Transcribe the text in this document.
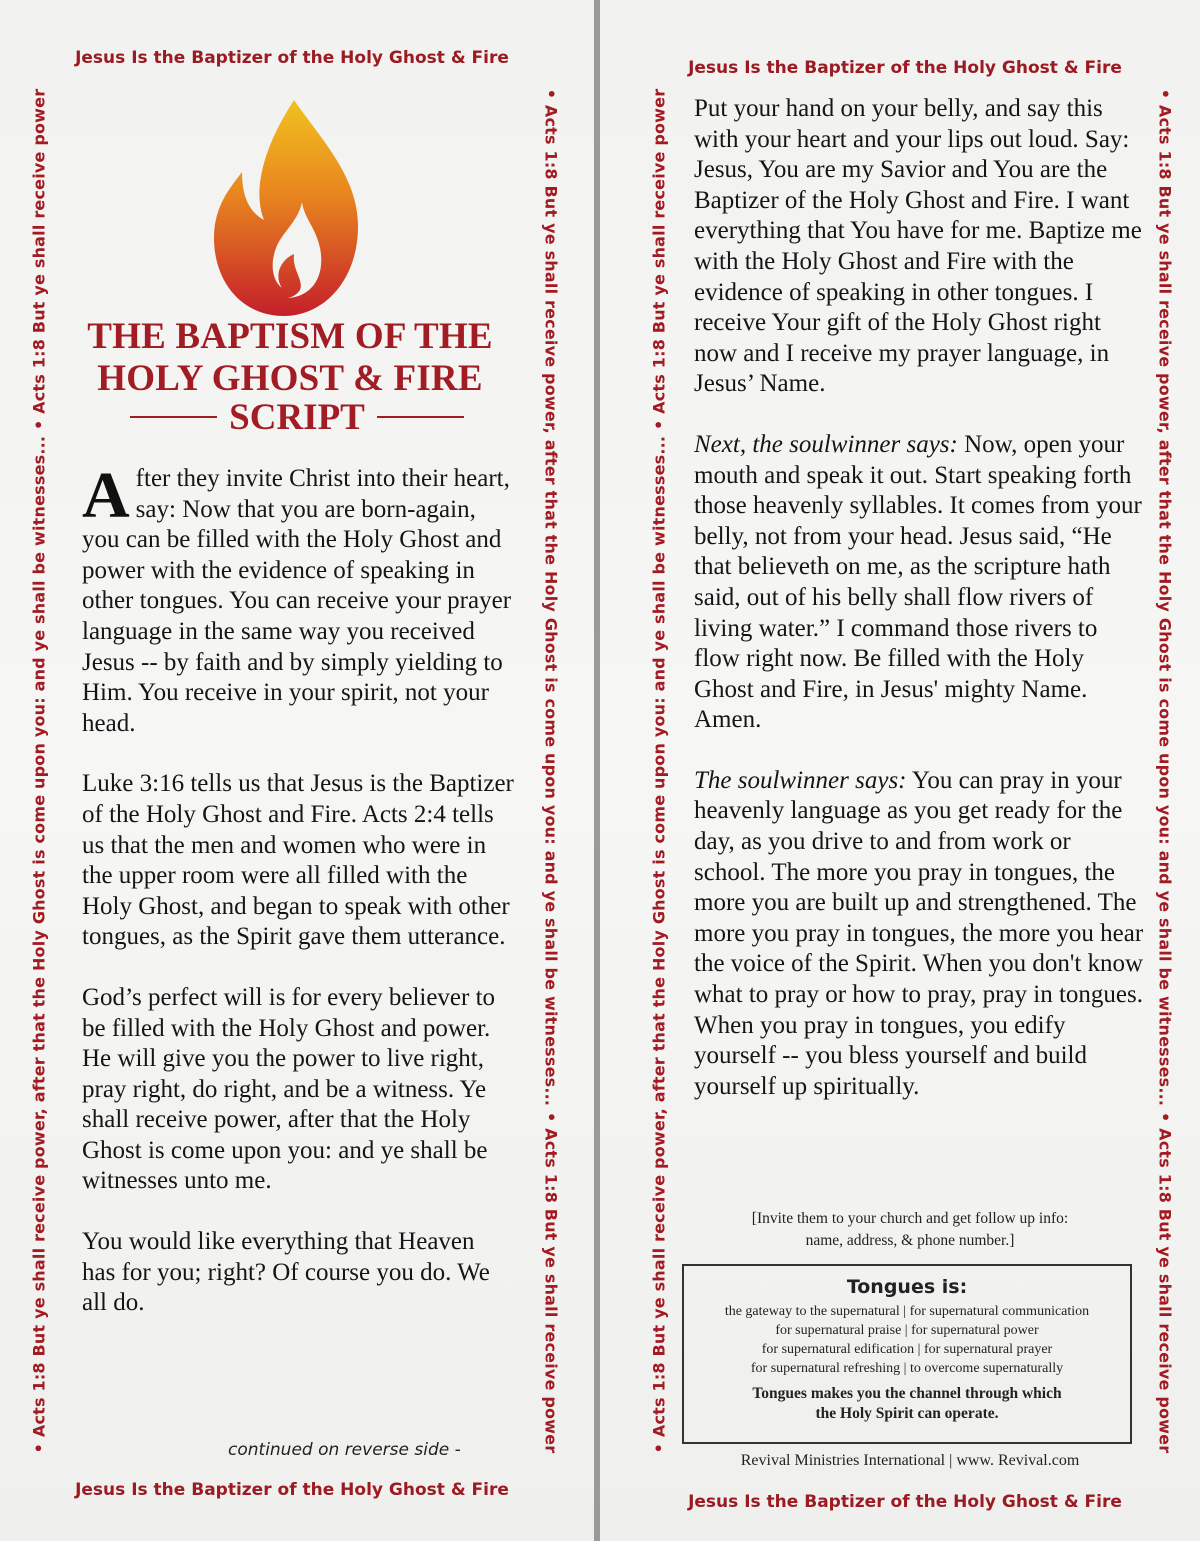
Jesus Is the Baptizer of the Holy Ghost & Fire
• Acts 1:8 But ye shall receive power, after that the Holy Ghost is come upon you: and ye shall be witnesses... • Acts 1:8 But ye shall receive power	• Acts 1:8 But ye shall receive power, after that the Holy Ghost is come upon you: and ye shall be witnesses... • Acts 1:8 But ye shall receive power
THE BAPTISM OF THE
HOLY GHOST & FIRE
SCRIPT

After they invite Christ into their heart, say: Now that you are born-again, you can be filled with the Holy Ghost and power with the evidence of speaking in other tongues. You can receive your prayer language in the same way you received Jesus -- by faith and by simply yielding to Him. You receive in your spirit, not your head.

Luke 3:16 tells us that Jesus is the Baptizer of the Holy Ghost and Fire. Acts 2:4 tells us that the men and women who were in the upper room were all filled with the Holy Ghost, and began to speak with other tongues, as the Spirit gave them utterance.

God’s perfect will is for every believer to be filled with the Holy Ghost and power. He will give you the power to live right, pray right, do right, and be a witness. Ye shall receive power, after that the Holy Ghost is come upon you: and ye shall be witnesses unto me.

You would like everything that Heaven has for you; right? Of course you do. We all do.

continued on reverse side -
Jesus Is the Baptizer of the Holy Ghost & Fire
Jesus Is the Baptizer of the Holy Ghost & Fire
• Acts 1:8 But ye shall receive power, after that the Holy Ghost is come upon you: and ye shall be witnesses... • Acts 1:8 But ye shall receive power	• Acts 1:8 But ye shall receive power, after that the Holy Ghost is come upon you: and ye shall be witnesses... • Acts 1:8 But ye shall receive power

Put your hand on your belly, and say this with your heart and your lips out loud. Say: Jesus, You are my Savior and You are the Baptizer of the Holy Ghost and Fire. I want everything that You have for me. Baptize me with the Holy Ghost and Fire with the evidence of speaking in other tongues. I receive Your gift of the Holy Ghost right now and I receive my prayer language, in Jesus’ Name.

Next, the soulwinner says: Now, open your mouth and speak it out. Start speaking forth those heavenly syllables. It comes from your belly, not from your head. Jesus said, “He that believeth on me, as the scripture hath said, out of his belly shall flow rivers of living water.” I command those rivers to flow right now. Be filled with the Holy Ghost and Fire, in Jesus' mighty Name. Amen.

The soulwinner says: You can pray in your heavenly language as you get ready for the day, as you drive to and from work or school. The more you pray in tongues, the more you are built up and strengthened. The more you pray in tongues, the more you hear the voice of the Spirit. When you don't know what to pray or how to pray, pray in tongues. When you pray in tongues, you edify yourself -- you bless yourself and build yourself up spiritually.

Jesus Is the Baptizer of the Holy Ghost & Fire
[Invite them to your church and get follow up info:
name, address, & phone number.]
Tongues is:
the gateway to the supernatural | for supernatural communication
for supernatural praise | for supernatural power
for supernatural edification | for supernatural prayer
for supernatural refreshing | to overcome supernaturally
Tongues makes you the channel through which
the Holy Spirit can operate.
Revival Ministries International | www. Revival.com
